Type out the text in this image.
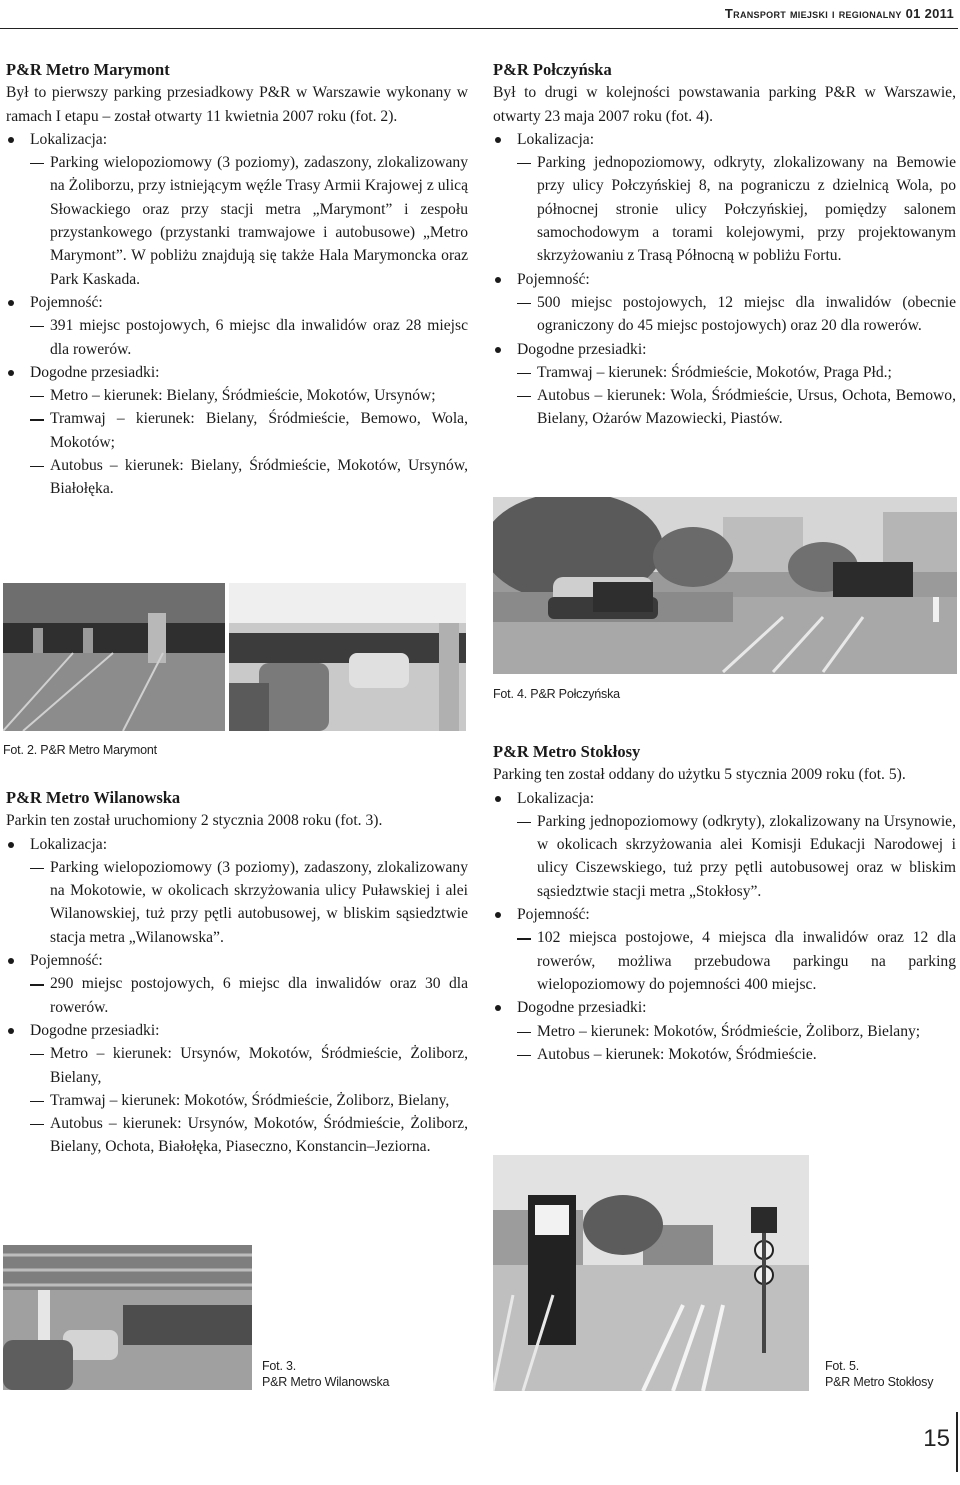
Transport miejski i regionalny 01 2011
P&R Metro Marymont

Był to pierwszy parking przesiadkowy P&R w Warszawie wykonany w ramach I etapu – został otwarty 11 kwietnia 2007 roku (fot. 2).

Lokalizacja:

Parking wielopoziomowy (3 poziomy), zadaszony, zlokalizowany na Żoliborzu, przy istniejącym węźle Trasy Armii Krajowej z ulicą Słowackiego oraz przy stacji metra „Marymont” i zespołu przystankowego (przystanki tramwajowe i autobusowe) „Metro Marymont”. W pobliżu znajdują się także Hala Marymoncka oraz Park Kaskada.

Pojemność:

391 miejsc postojowych, 6 miejsc dla inwalidów oraz 28 miejsc dla rowerów.

Dogodne przesiadki:

Metro – kierunek: Bielany, Śródmieście, Mokotów, Ursynów;

Tramwaj – kierunek: Bielany, Śródmieście, Bemowo, Wola, Mokotów;

Autobus – kierunek: Bielany, Śródmieście, Mokotów, Ursynów, Białołęka.

P&R Połczyńska

Był to drugi w kolejności powstawania parking P&R w Warszawie, otwarty 23 maja 2007 roku (fot. 4).

Lokalizacja:

Parking jednopoziomowy, odkryty, zlokalizowany na Bemowie przy ulicy Połczyńskiej 8, na pograniczu z dzielnicą Wola, po północnej stronie ulicy Połczyńskiej, pomiędzy salonem samochodowym a torami kolejowymi, przy projektowanym skrzyżowaniu z Trasą Północną w pobliżu Fortu.

Pojemność:

500 miejsc postojowych, 12 miejsc dla inwalidów (obecnie ograniczony do 45 miejsc postojowych) oraz 20 dla rowerów.

Dogodne przesiadki:

Tramwaj – kierunek: Śródmieście, Mokotów, Praga Płd.;

Autobus – kierunek: Wola, Śródmieście, Ursus, Ochota, Bemowo, Bielany, Ożarów Mazowiecki, Piastów.

Fot. 4. P&R Połczyńska
Fot. 2. P&R Metro Marymont
P&R Metro Wilanowska

Parkin ten został uruchomiony 2 stycznia 2008 roku (fot. 3).

Lokalizacja:

Parking wielopoziomowy (3 poziomy), zadaszony, zlokalizowany na Mokotowie, w okolicach skrzyżowania ulicy Puławskiej i alei Wilanowskiej, tuż przy pętli autobusowej, w bliskim sąsiedztwie stacja metra „Wilanowska”.

Pojemność:

290 miejsc postojowych, 6 miejsc dla inwalidów oraz 30 dla rowerów.

Dogodne przesiadki:

Metro – kierunek: Ursynów, Mokotów, Śródmieście, Żoliborz, Bielany,

Tramwaj – kierunek: Mokotów, Śródmieście, Żoliborz, Bielany,

Autobus – kierunek: Ursynów, Mokotów, Śródmieście, Żoliborz, Bielany, Ochota, Białołęka, Piaseczno, Konstancin–Jeziorna.

P&R Metro Stokłosy

Parking ten został oddany do użytku 5 stycznia 2009 roku (fot. 5).

Lokalizacja:

Parking jednopoziomowy (odkryty), zlokalizowany na Ursynowie, w okolicach skrzyżowania alei Komisji Edukacji Narodowej i ulicy Ciszewskiego, tuż przy pętli autobusowej oraz w bliskim sąsiedztwie stacji metra „Stokłosy”.

Pojemność:

102 miejsca postojowe, 4 miejsca dla inwalidów oraz 12 dla rowerów, możliwa przebudowa parkingu na parking wielopoziomowy do pojemności 400 miejsc.

Dogodne przesiadki:

Metro – kierunek: Mokotów, Śródmieście, Żoliborz, Bielany;

Autobus – kierunek: Mokotów, Śródmieście.

Fot. 3.
P&R Metro Wilanowska
Fot. 5.
P&R Metro Stokłosy
15
